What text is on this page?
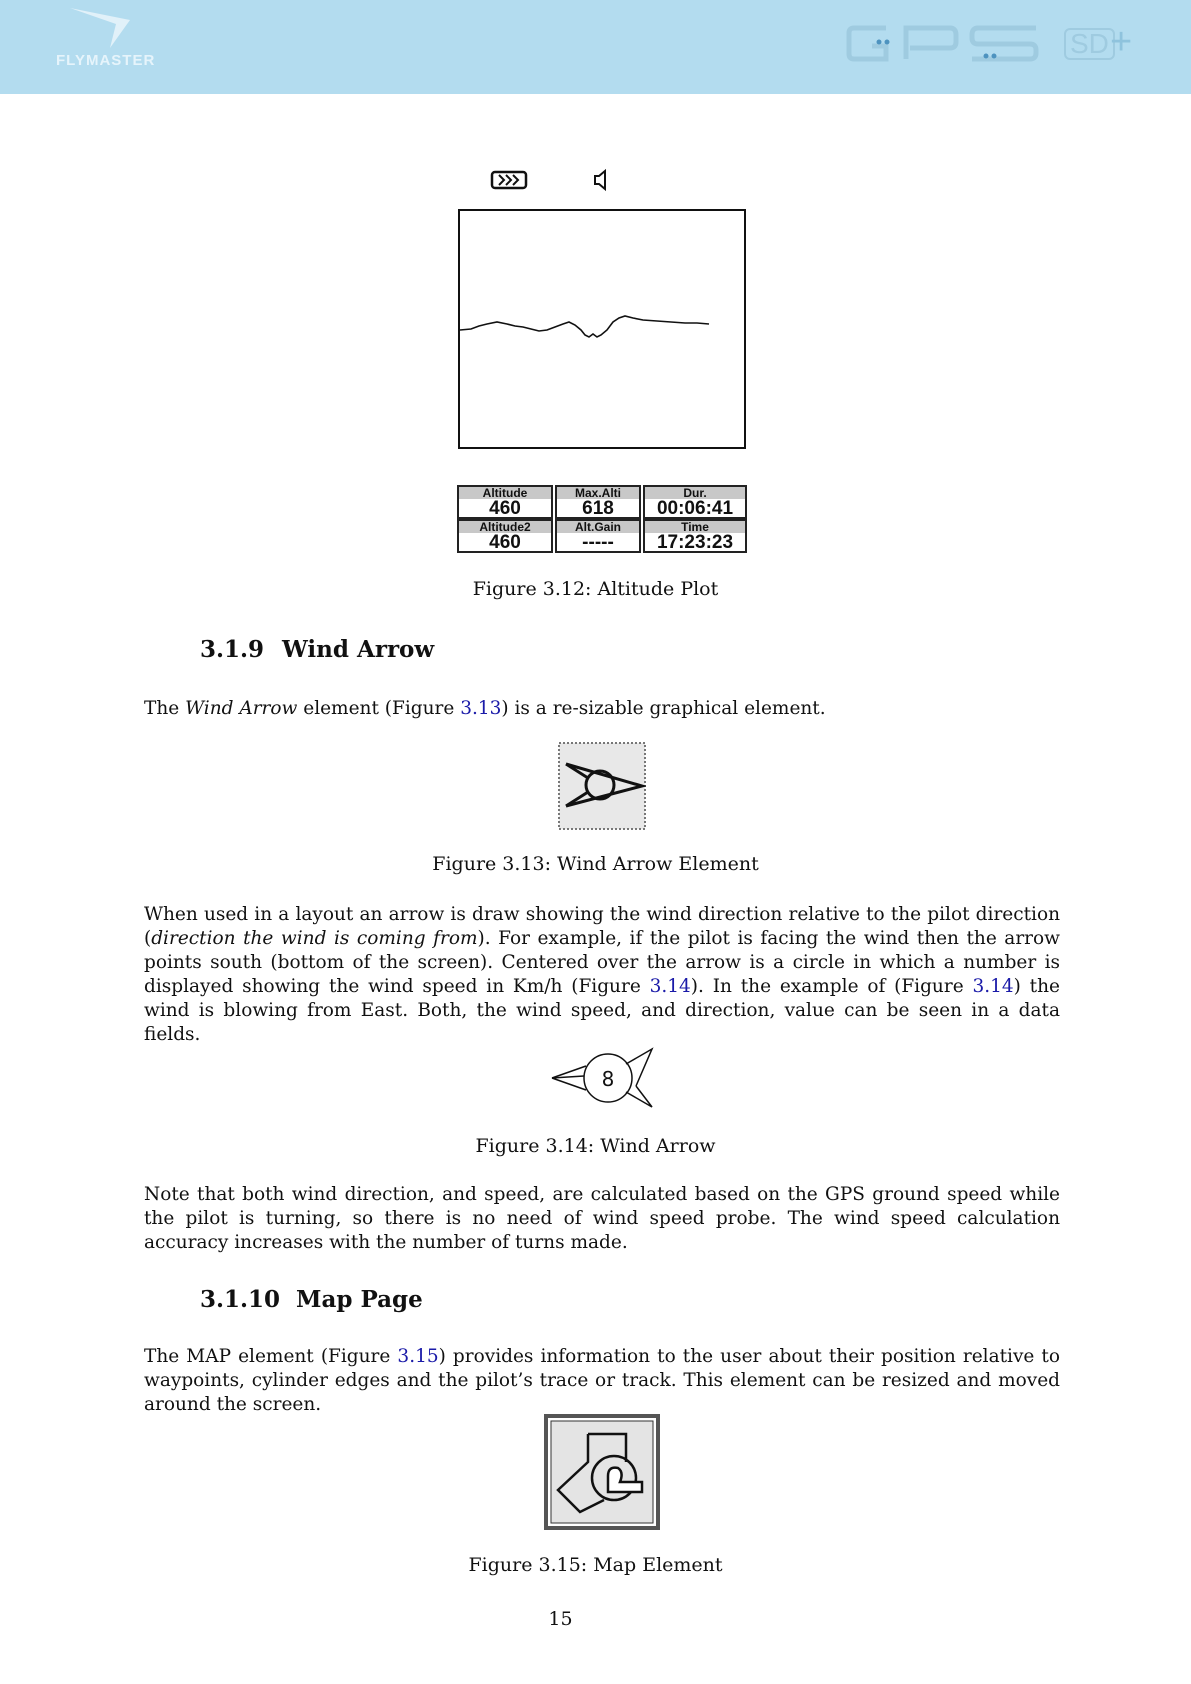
FLYMASTER
SD +
Altitude
460
Max.Alti
618
Dur.
00:06:41
Altitude2
460
Alt.Gain
-----
Time
17:23:23
Figure 3.12: Altitude Plot
3.1.9 Wind Arrow
The Wind Arrow element (Figure 3.13) is a re-sizable graphical element.
Figure 3.13: Wind Arrow Element
When used in a layout an arrow is draw showing the wind direction relative to the pilot direction (direction the wind is coming from). For example, if the pilot is facing the wind then the arrow points south (bottom of the screen). Centered over the arrow is a circle in which a number is displayed showing the wind speed in Km/h (Figure 3.14). In the example of (Figure 3.14) the wind is blowing from East. Both, the wind speed, and direction, value can be seen in a data fields.
8
Figure 3.14: Wind Arrow
Note that both wind direction, and speed, are calculated based on the GPS ground speed while the pilot is turning, so there is no need of wind speed probe. The wind speed calculation accuracy increases with the number of turns made.
3.1.10 Map Page
The MAP element (Figure 3.15) provides information to the user about their position relative to waypoints, cylinder edges and the pilot’s trace or track. This element can be resized and moved around the screen.
Figure 3.15: Map Element
15
